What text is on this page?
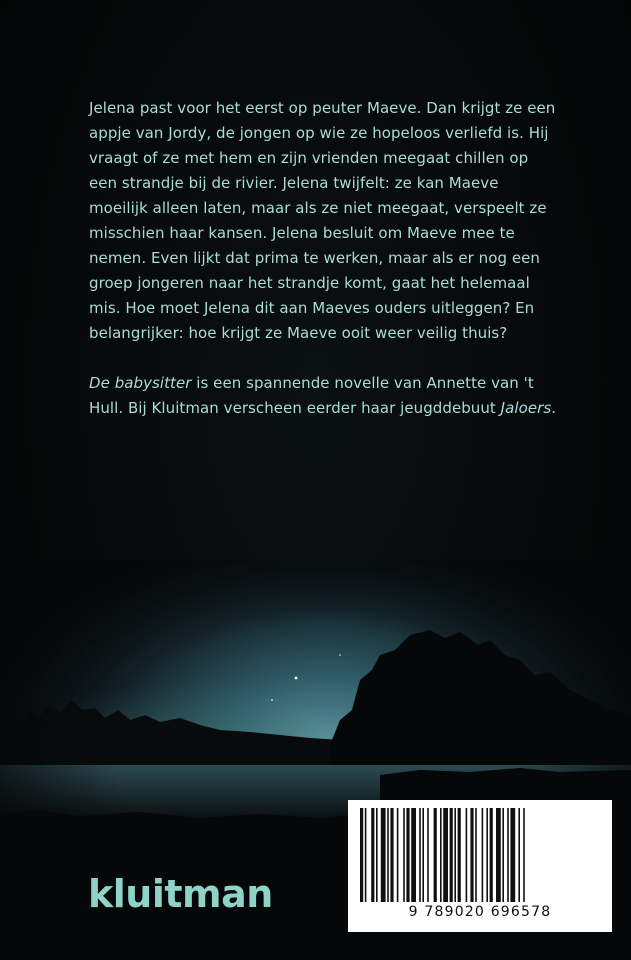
Jelena past voor het eerst op peuter Maeve. Dan krijgt ze een appje van Jordy, de jongen op wie ze hopeloos verliefd is. Hij vraagt of ze met hem en zijn vrienden meegaat chillen op een strandje bij de rivier. Jelena twijfelt: ze kan Maeve moeilijk alleen laten, maar als ze niet meegaat, verspeelt ze misschien haar kansen. Jelena besluit om Maeve mee te nemen. Even lijkt dat prima te werken, maar als er nog een groep jongeren naar het strandje komt, gaat het helemaal mis. Hoe moet Jelena dit aan Maeves ouders uitleggen? En belangrijker: hoe krijgt ze Maeve ooit weer veilig thuis?

De babysitter is een spannende novelle van Annette van 't Hull. Bij Kluitman verscheen eerder haar jeugddebuut Jaloers.

9 789020 696578
kluitman
